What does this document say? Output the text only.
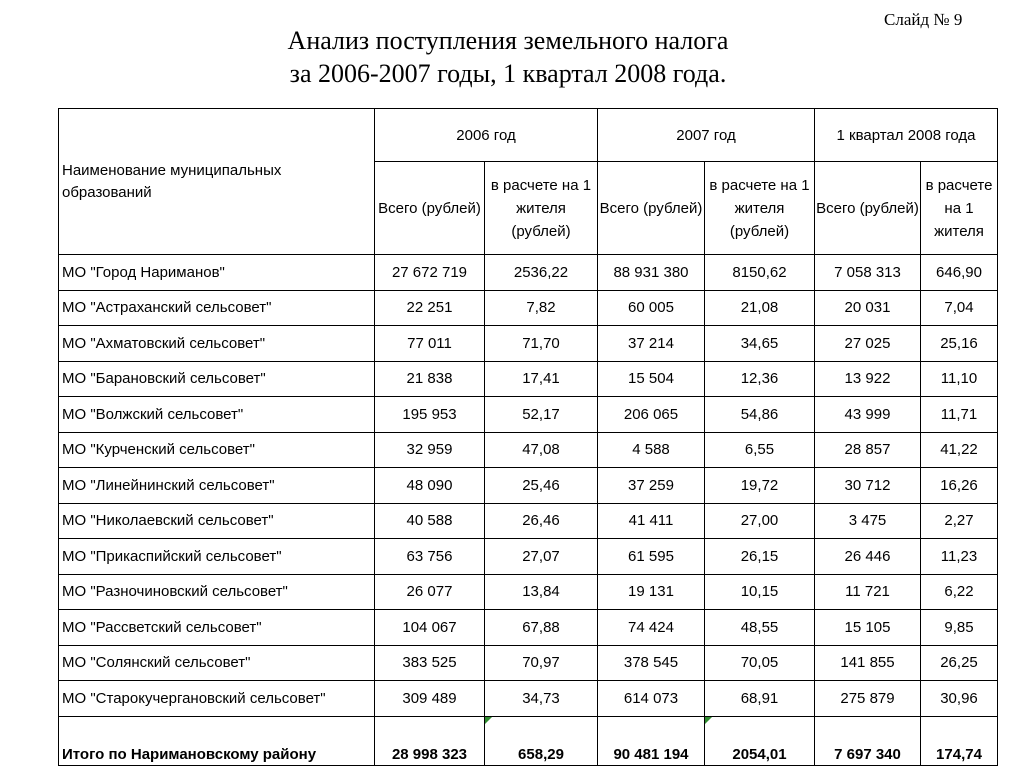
Слайд № 9
Анализ поступления земельного налога
за 2006-2007 годы, 1 квартал 2008 года.
Наименование муниципальных образований	2006 год		2007 год		1 квартал 2008 года	
	Всего (рублей)	в расчете на 1 жителя (рублей)	Всего (рублей)	в расчете на 1 жителя (рублей)	Всего (рублей)	в расчете на 1 жителя
МО "Город Нариманов"	27 672 719	2536,22	88 931 380	8150,62	7 058 313	646,90
МО "Астраханский сельсовет"	22 251	7,82	60 005	21,08	20 031	7,04
МО "Ахматовский сельсовет"	77 011	71,70	37 214	34,65	27 025	25,16
МО "Барановский сельсовет"	21 838	17,41	15 504	12,36	13 922	11,10
МО "Волжский сельсовет"	195 953	52,17	206 065	54,86	43 999	11,71
МО "Курченский сельсовет"	32 959	47,08	4 588	6,55	28 857	41,22
МО "Линейнинский сельсовет"	48 090	25,46	37 259	19,72	30 712	16,26
МО "Николаевский сельсовет"	40 588	26,46	41 411	27,00	3 475	2,27
МО "Прикаспийский сельсовет"	63 756	27,07	61 595	26,15	26 446	11,23
МО "Разночиновский сельсовет"	26 077	13,84	19 131	10,15	11 721	6,22
МО "Рассветский сельсовет"	104 067	67,88	74 424	48,55	15 105	9,85
МО "Солянский сельсовет"	383 525	70,97	378 545	70,05	141 855	26,25
МО "Старокучергановский сельсовет"	309 489	34,73	614 073	68,91	275 879	30,96
Итого по Наримановскому району	28 998 323	658,29	90 481 194	2054,01	7 697 340	174,74
